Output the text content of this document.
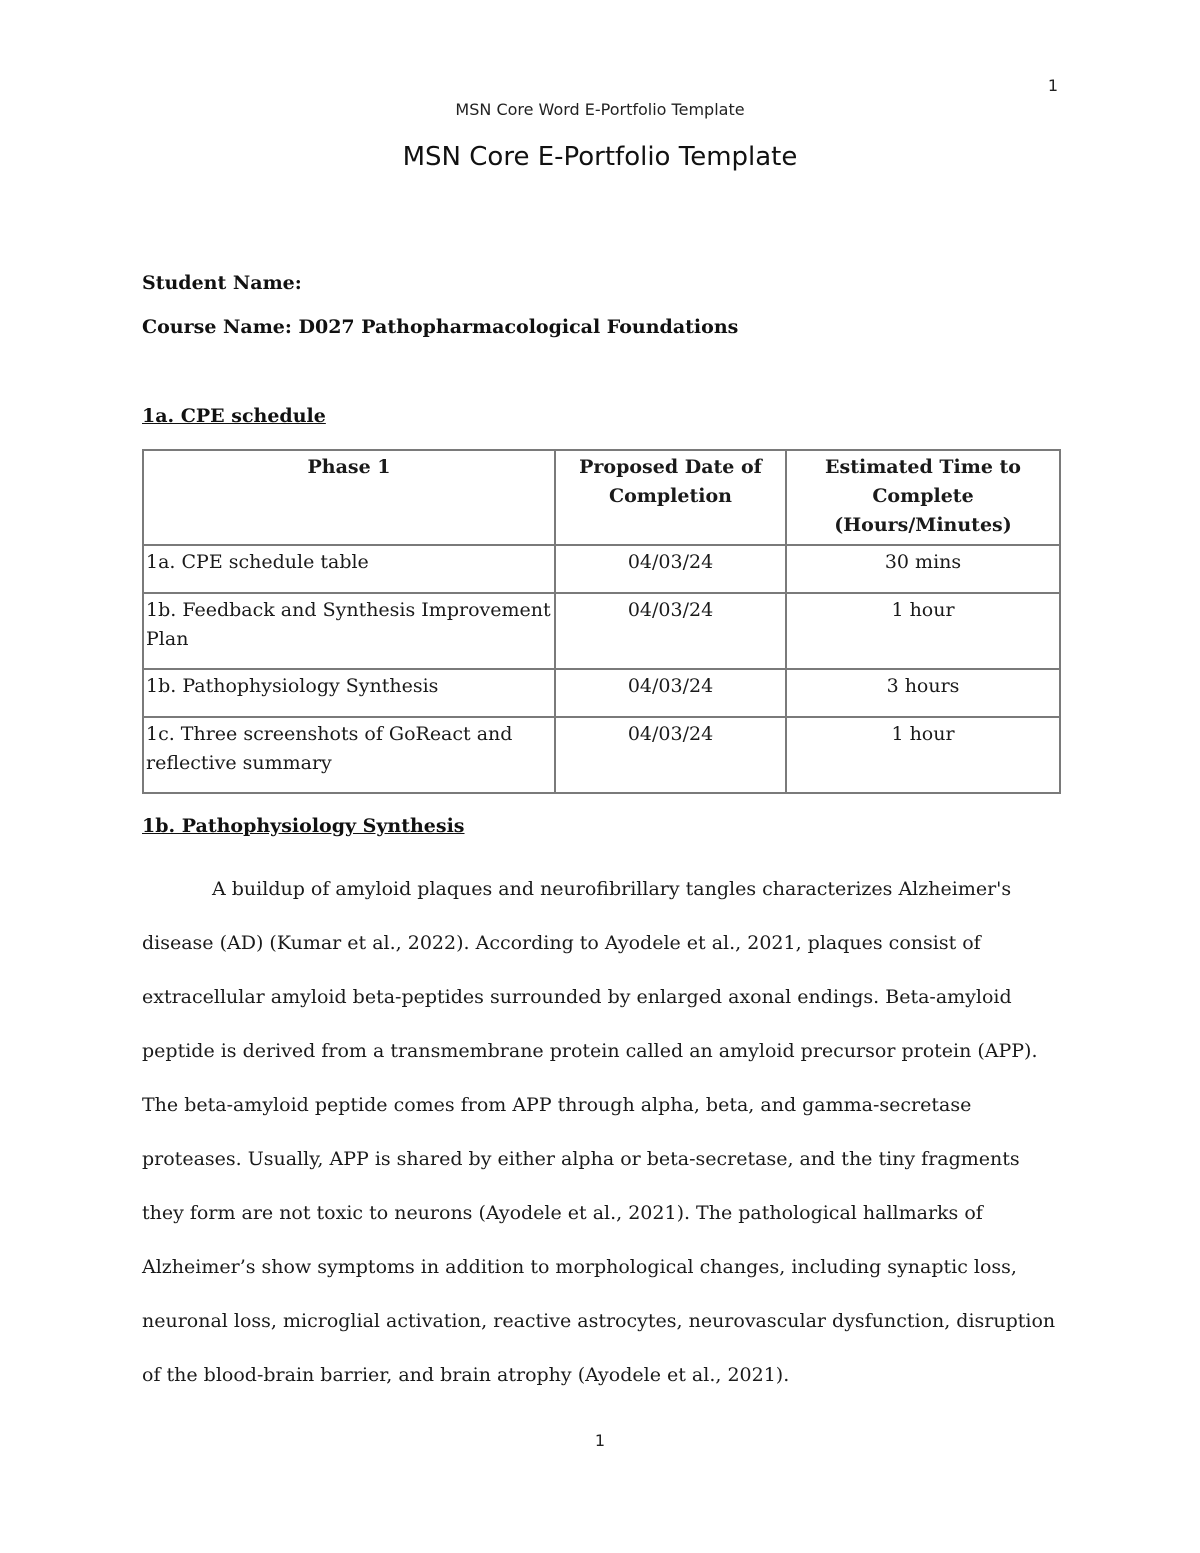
1
MSN Core Word E-Portfolio Template
MSN Core E-Portfolio Template
Student Name:
Course Name: D027 Pathopharmacological Foundations
1a. CPE schedule
Phase 1	Proposed Date of Completion	Estimated Time to Complete (Hours/Minutes)
1a. CPE schedule table	04/03/24	30 mins
1b. Feedback and Synthesis Improvement Plan	04/03/24	1 hour
1b. Pathophysiology Synthesis	04/03/24	3 hours
1c. Three screenshots of GoReact and reflective summary	04/03/24	1 hour
1b. Pathophysiology Synthesis

A buildup of amyloid plaques and neurofibrillary tangles characterizes Alzheimer's disease (AD) (Kumar et al., 2022). According to Ayodele et al., 2021, plaques consist of extracellular amyloid beta-peptides surrounded by enlarged axonal endings. Beta-amyloid peptide is derived from a transmembrane protein called an amyloid precursor protein (APP). The beta-amyloid peptide comes from APP through alpha, beta, and gamma-secretase proteases. Usually, APP is shared by either alpha or beta-secretase, and the tiny fragments they form are not toxic to neurons (Ayodele et al., 2021). The pathological hallmarks of Alzheimer’s show symptoms in addition to morphological changes, including synaptic loss, neuronal loss, microglial activation, reactive astrocytes, neurovascular dysfunction, disruption of the blood-brain barrier, and brain atrophy (Ayodele et al., 2021).

1
